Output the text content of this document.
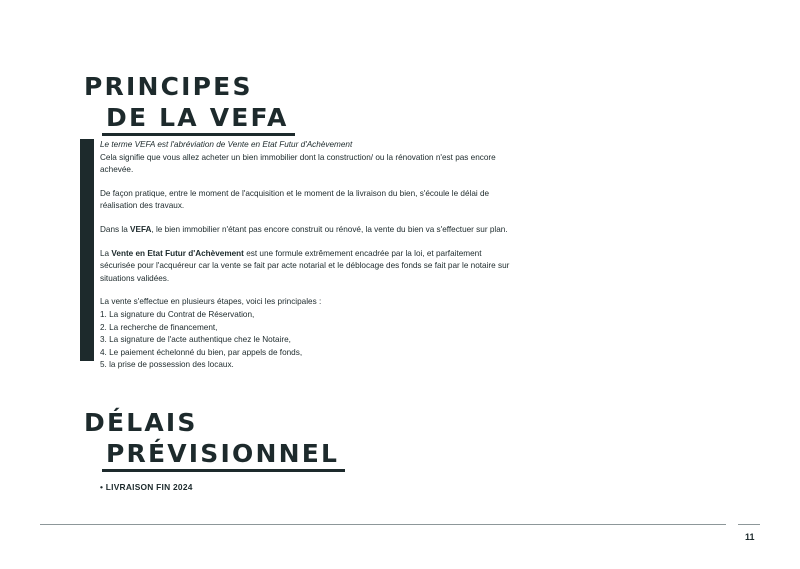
PRINCIPES
DE LA VEFA

Le terme VEFA est l'abréviation de Vente en Etat Futur d'Achèvement
Cela signifie que vous allez acheter un bien immobilier dont la construction/ ou la rénovation n'est pas encore achevée.

De façon pratique, entre le moment de l'acquisition et le moment de la livraison du bien, s'écoule le délai de réalisation des travaux.

Dans la VEFA, le bien immobilier n'étant pas encore construit ou rénové, la vente du bien va s'effectuer sur plan.

La Vente en Etat Futur d'Achèvement est une formule extrêmement encadrée par la loi, et parfaitement sécurisée pour l'acquéreur car la vente se fait par acte notarial et le déblocage des fonds se fait par le notaire sur situations validées.

La vente s'effectue en plusieurs étapes, voici les principales :
1. La signature du Contrat de Réservation,
2. La recherche de financement,
3. La signature de l'acte authentique chez le Notaire,
4. Le paiement échelonné du bien, par appels de fonds,
5. la prise de possession des locaux.

DÉLAIS
PRÉVISIONNEL
• LIVRAISON FIN 2024
11
